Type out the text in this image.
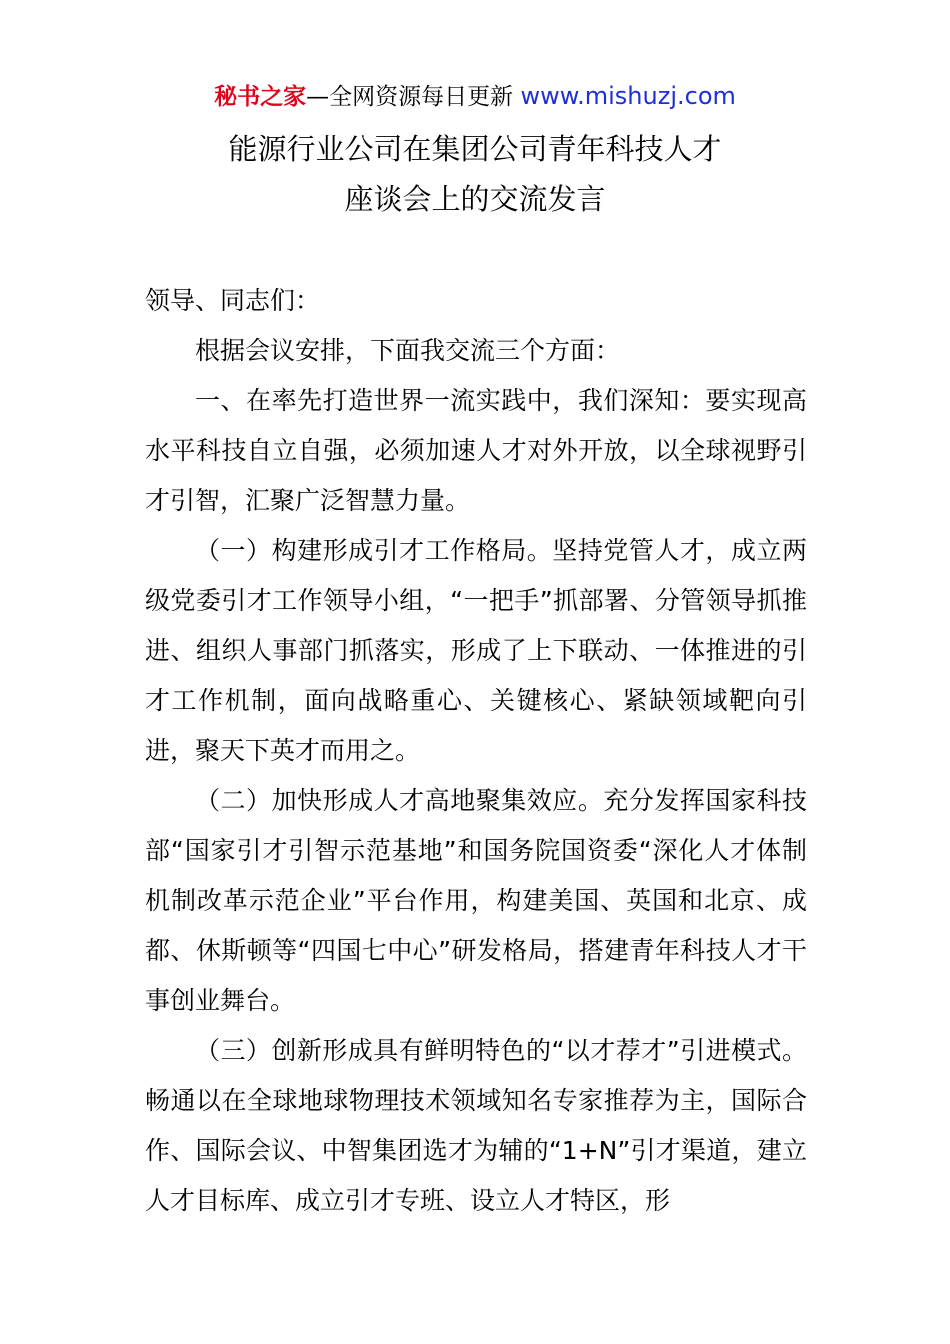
秘书之家—全网资源每日更新 www.mishuzj.com
能源行业公司在集团公司青年科技人才
座谈会上的交流发言

领导、同志们：

根据会议安排，下面我交流三个方面：

一、在率先打造世界一流实践中，我们深知：要实现高水平科技自立自强，必须加速人才对外开放，以全球视野引才引智，汇聚广泛智慧力量。

（一）构建形成引才工作格局。坚持党管人才，成立两级党委引才工作领导小组，“一把手”抓部署、分管领导抓推进、组织人事部门抓落实，形成了上下联动、一体推进的引才工作机制，面向战略重心、关键核心、紧缺领域靶向引进，聚天下英才而用之。

（二）加快形成人才高地聚集效应。充分发挥国家科技部“国家引才引智示范基地”和国务院国资委“深化人才体制机制改革示范企业”平台作用，构建美国、英国和北京、成都、休斯顿等“四国七中心”研发格局，搭建青年科技人才干事创业舞台。

（三）创新形成具有鲜明特色的“以才荐才”引进模式。畅通以在全球地球物理技术领域知名专家推荐为主，国际合作、国际会议、中智集团选才为辅的“1+N”引才渠道，建立人才目标库、成立引才专班、设立人才特区，形
